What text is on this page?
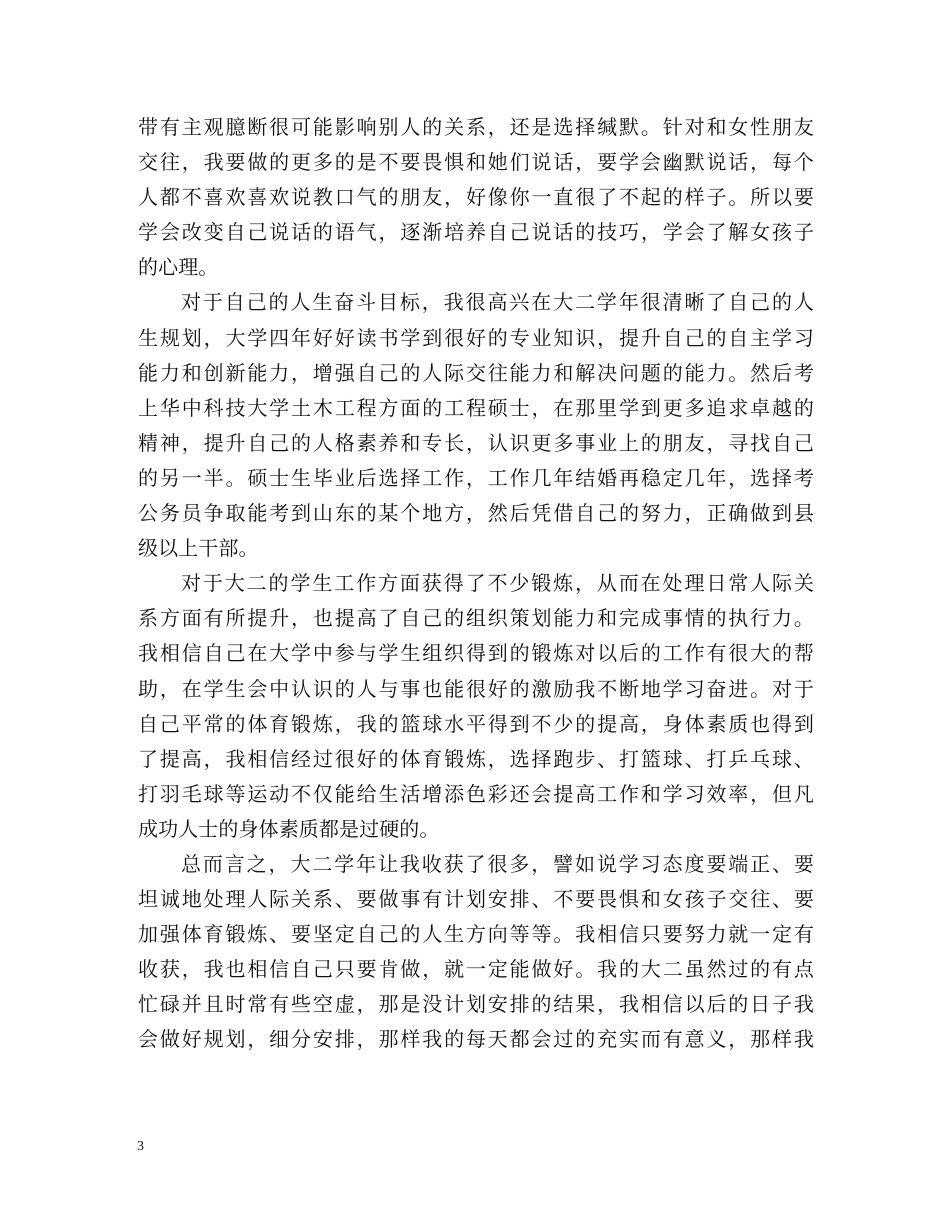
带有主观臆断很可能影响别人的关系，还是选择缄默。针对和女性朋友
交往，我要做的更多的是不要畏惧和她们说话，要学会幽默说话，每个
人都不喜欢喜欢说教口气的朋友，好像你一直很了不起的样子。所以要
学会改变自己说话的语气，逐渐培养自己说话的技巧，学会了解女孩子
的心理。
对于自己的人生奋斗目标，我很高兴在大二学年很清晰了自己的人
生规划，大学四年好好读书学到很好的专业知识，提升自己的自主学习
能力和创新能力，增强自己的人际交往能力和解决问题的能力。然后考
上华中科技大学土木工程方面的工程硕士，在那里学到更多追求卓越的
精神，提升自己的人格素养和专长，认识更多事业上的朋友，寻找自己
的另一半。硕士生毕业后选择工作，工作几年结婚再稳定几年，选择考
公务员争取能考到山东的某个地方，然后凭借自己的努力，正确做到县
级以上干部。
对于大二的学生工作方面获得了不少锻炼，从而在处理日常人际关
系方面有所提升，也提高了自己的组织策划能力和完成事情的执行力。
我相信自己在大学中参与学生组织得到的锻炼对以后的工作有很大的帮
助，在学生会中认识的人与事也能很好的激励我不断地学习奋进。对于
自己平常的体育锻炼，我的篮球水平得到不少的提高，身体素质也得到
了提高，我相信经过很好的体育锻炼，选择跑步、打篮球、打乒乓球、
打羽毛球等运动不仅能给生活增添色彩还会提高工作和学习效率，但凡
成功人士的身体素质都是过硬的。
总而言之，大二学年让我收获了很多，譬如说学习态度要端正、要
坦诚地处理人际关系、要做事有计划安排、不要畏惧和女孩子交往、要
加强体育锻炼、要坚定自己的人生方向等等。我相信只要努力就一定有
收获，我也相信自己只要肯做，就一定能做好。我的大二虽然过的有点
忙碌并且时常有些空虚，那是没计划安排的结果，我相信以后的日子我
会做好规划，细分安排，那样我的每天都会过的充实而有意义，那样我
3
